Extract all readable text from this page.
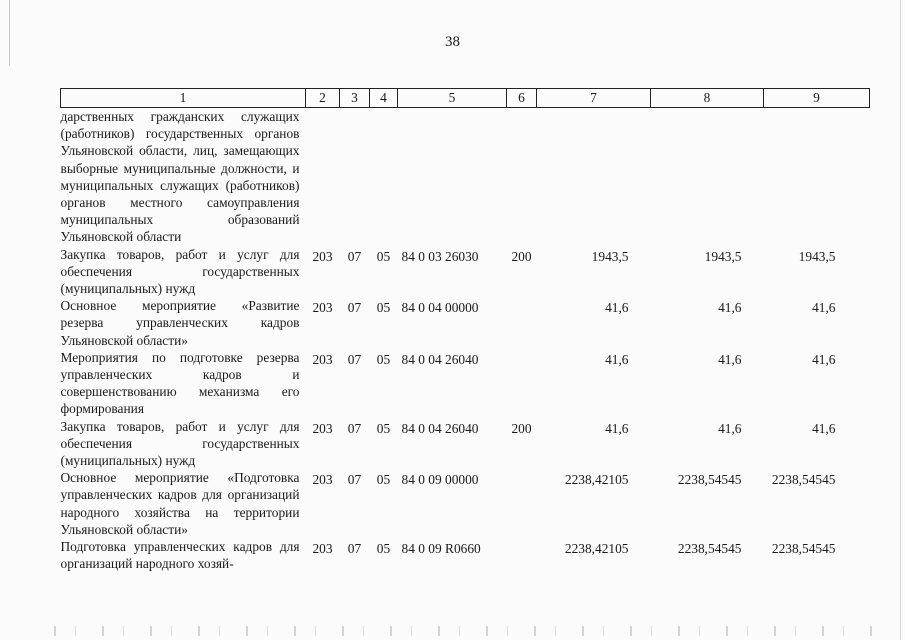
38
1	2	3	4	5	6	7	8	9
дарственных гражданских служащих (работников) государственных органов Ульяновской области, лиц, замещающих выборные муниципальные должности, и муниципальных служащих (работников) органов местного самоуправления муниципальных образований Ульяновской области								
Закупка товаров, работ и услуг для обеспечения государственных (муниципальных) нужд	203	07	05	84 0 03 26030	200	1943,5	1943,5	1943,5
Основное мероприятие «Развитие резерва управленческих кадров Ульяновской области»	203	07	05	84 0 04 00000		41,6	41,6	41,6
Мероприятия по подготовке резерва управленческих кадров и совершенствованию механизма его формирования	203	07	05	84 0 04 26040		41,6	41,6	41,6
Закупка товаров, работ и услуг для обеспечения государственных (муниципальных) нужд	203	07	05	84 0 04 26040	200	41,6	41,6	41,6
Основное мероприятие «Подготовка управленческих кадров для организаций народного хозяйства на территории Ульяновской области»	203	07	05	84 0 09 00000		2238,42105	2238,54545	2238,54545
Подготовка управленческих кадров для организаций народного хозяй-	203	07	05	84 0 09 R0660		2238,42105	2238,54545	2238,54545
